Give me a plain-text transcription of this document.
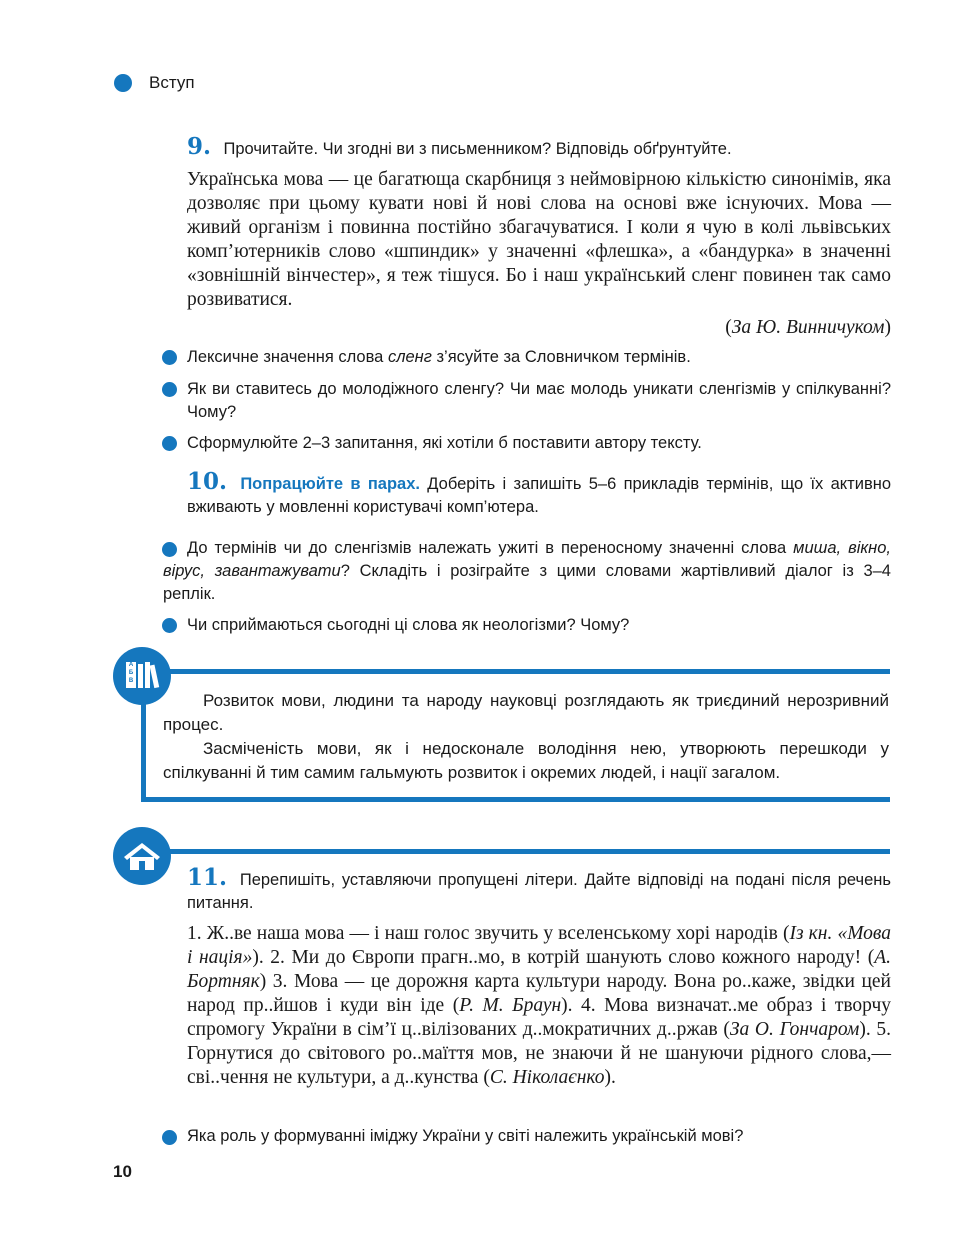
Вступ
9. Прочитайте. Чи згодні ви з письменником? Відповідь обґрунтуйте.
Українська мова — це багатюща скарбниця з неймовірною кількістю синонімів, яка дозволяє при цьому кувати нові й нові слова на основі вже існуючих. Мова — живий організм і повинна постійно збагачуватися. І коли я чую в колі львівських комп’ютерників слово «шпиндик» у значенні «флешка», а «бандурка» в значенні «зовнішній вінчестер», я теж тішуся. Бо і наш український сленг повинен так само розвиватися.
(За Ю. Винничуком)
Лексичне значення слова сленг з’ясуйте за Словничком термінів.
Як ви ставитесь до молодіжного сленгу? Чи має молодь уникати сленгізмів у спілкуванні? Чому?
Сформулюйте 2–3 запитання, які хотіли б поставити автору тексту.
10. Попрацюйте в парах. Доберіть і запишіть 5–6 прикладів термінів, що їх активно вживають у мовленні користувачі комп’ютера.
До термінів чи до сленгізмів належать ужиті в переносному значенні слова миша, вікно, вірус, завантажувати? Складіть і розіграйте з цими словами жартівливий діалог із 3–4 реплік.
Чи сприймаються сьогодні ці слова як неологізми? Чому?
АБВ
Розвиток мови, людини та народу науковці розглядають як триєдиний нерозривний процес.
Засміченість мови, як і недосконале володіння нею, утворюють перешкоди у спілкуванні й тим самим гальмують розвиток і окремих людей, і нації загалом.
11. Перепишіть, уставляючи пропущені літери. Дайте відповіді на подані після речень питання.
1. Ж..ве наша мова — і наш голос звучить у вселенському хорі народів (Із кн. «Мова і нація»). 2. Ми до Європи прагн..мо, в котрій шанують слово кожного народу! (А. Бортняк) 3. Мова — це дорожня карта культури народу. Вона ро..каже, звідки цей народ пр..йшов і куди він іде (Р. М. Браун). 4. Мова визначат..ме образ і творчу спромогу України в сім’ї ц..вілізованих д..мократичних д..ржав (За О. Гончаром). 5. Горнутися до світового ро..маїття мов, не знаючи й не шануючи рідного слова,— сві..чення не культури, а д..кунства (С. Ніколаєнко).
Яка роль у формуванні іміджу України у світі належить українській мові?
10
